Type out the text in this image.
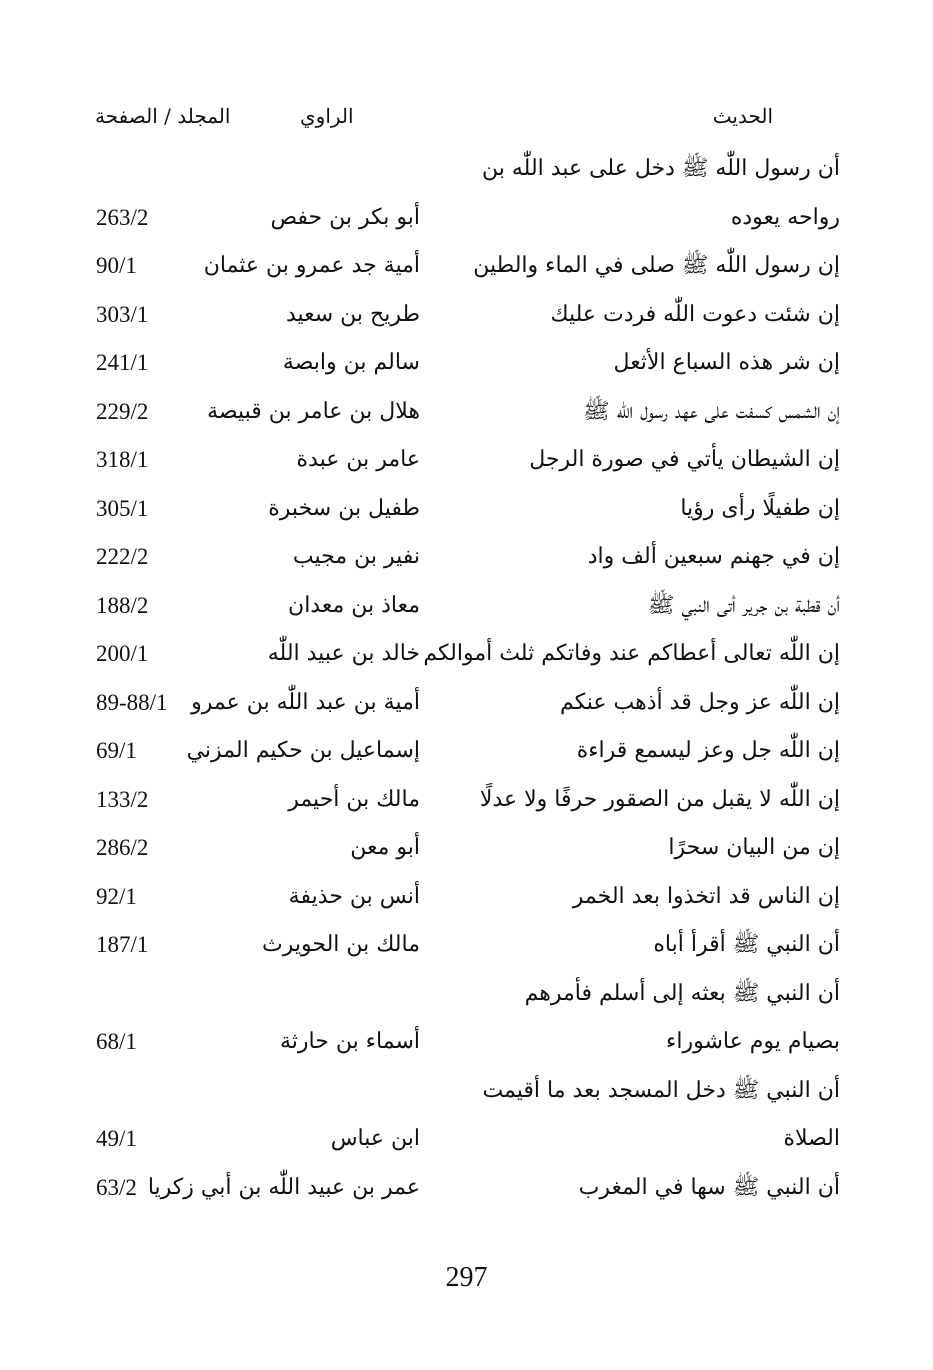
الحديث
الراوي
المجلد / الصفحة
أن رسول اللّٰه ﷺ دخل على عبد اللّٰه بن
رواحه يعوده
أبو بكر بن حفص
263/2
إن رسول اللّٰه ﷺ صلى في الماء والطين
أمية جد عمرو بن عثمان
90/1
إن شئت دعوت اللّٰه فردت عليك
طريح بن سعيد
303/1
إن شر هذه السباع الأثعل
سالم بن وابصة
241/1
إن الشمس كسفت على عهد رسول اللّٰه ﷺ
هلال بن عامر بن قبيصة
229/2
إن الشيطان يأتي في صورة الرجل
عامر بن عبدة
318/1
إن طفيلًا رأى رؤيا
طفيل بن سخبرة
305/1
إن في جهنم سبعين ألف واد
نفير بن مجيب
222/2
أن قطبة بن جرير أتى النبي ﷺ
معاذ بن معدان
188/2
إن اللّٰه تعالى أعطاكم عند وفاتكم ثلث أموالكم
خالد بن عبيد اللّٰه
200/1
إن اللّٰه عز وجل قد أذهب عنكم
أمية بن عبد اللّٰه بن عمرو
89-88/1
إن اللّٰه جل وعز ليسمع قراءة
إسماعيل بن حكيم المزني
69/1
إن اللّٰه لا يقبل من الصقور حرفًا ولا عدلًا
مالك بن أحيمر
133/2
إن من البيان سحرًا
أبو معن
286/2
إن الناس قد اتخذوا بعد الخمر
أنس بن حذيفة
92/1
أن النبي ﷺ أقرأ أباه
مالك بن الحويرث
187/1
أن النبي ﷺ بعثه إلى أسلم فأمرهم
بصيام يوم عاشوراء
أسماء بن حارثة
68/1
أن النبي ﷺ دخل المسجد بعد ما أقيمت
الصلاة
ابن عباس
49/1
أن النبي ﷺ سها في المغرب
عمر بن عبيد اللّٰه بن أبي زكريا
63/2
297
